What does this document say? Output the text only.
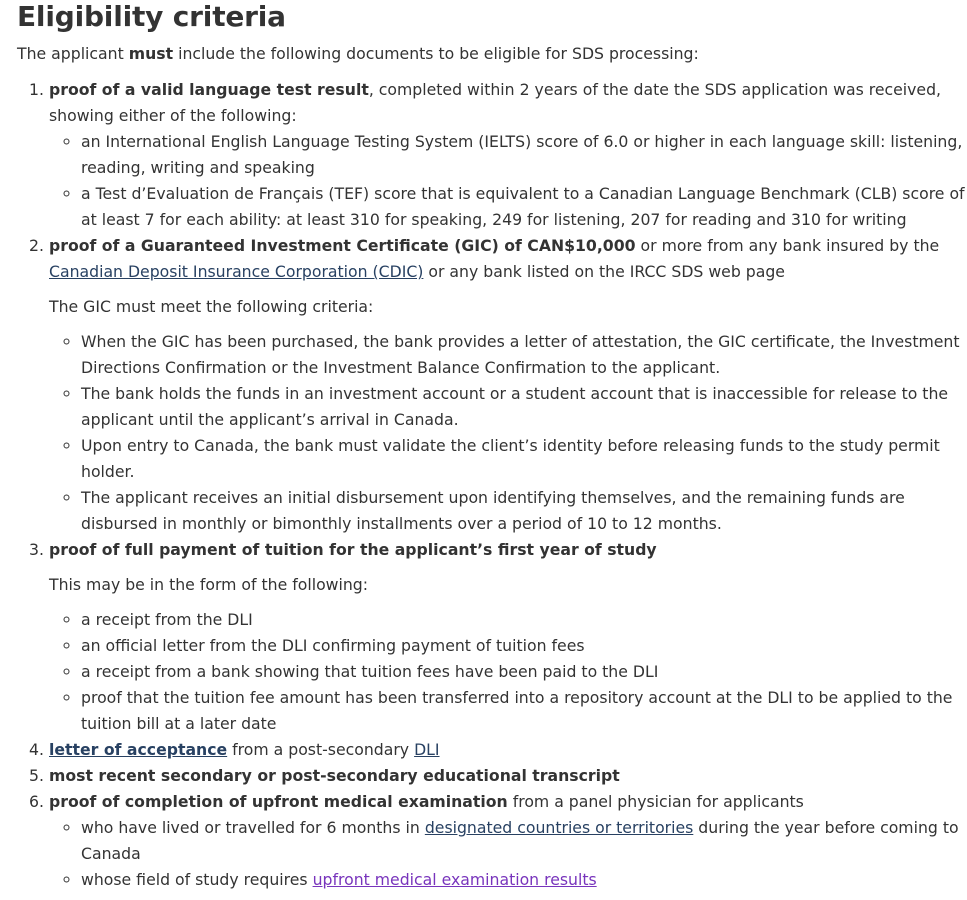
Eligibility criteria

The applicant must include the following documents to be eligible for SDS processing:

1. proof of a valid language test result, completed within 2 years of the date the SDS application was received, showing either of the following:
◦ an International English Language Testing System (IELTS) score of 6.0 or higher in each language skill: listening, reading, writing and speaking
◦ a Test d’Evaluation de Français (TEF) score that is equivalent to a Canadian Language Benchmark (CLB) score of at least 7 for each ability: at least 310 for speaking, 249 for listening, 207 for reading and 310 for writing
2. proof of a Guaranteed Investment Certificate (GIC) of CAN$10,000 or more from any bank insured by the Canadian Deposit Insurance Corporation (CDIC) or any bank listed on the IRCC SDS web page

The GIC must meet the following criteria:

◦ When the GIC has been purchased, the bank provides a letter of attestation, the GIC certificate, the Investment Directions Confirmation or the Investment Balance Confirmation to the applicant.
◦ The bank holds the funds in an investment account or a student account that is inaccessible for release to the applicant until the applicant’s arrival in Canada.
◦ Upon entry to Canada, the bank must validate the client’s identity before releasing funds to the study permit holder.
◦ The applicant receives an initial disbursement upon identifying themselves, and the remaining funds are disbursed in monthly or bimonthly installments over a period of 10 to 12 months.
3. proof of full payment of tuition for the applicant’s first year of study

This may be in the form of the following:

◦ a receipt from the DLI
◦ an official letter from the DLI confirming payment of tuition fees
◦ a receipt from a bank showing that tuition fees have been paid to the DLI
◦ proof that the tuition fee amount has been transferred into a repository account at the DLI to be applied to the tuition bill at a later date
4. letter of acceptance from a post-secondary DLI
5. most recent secondary or post-secondary educational transcript
6. proof of completion of upfront medical examination from a panel physician for applicants
◦ who have lived or travelled for 6 months in designated countries or territories during the year before coming to Canada
◦ whose field of study requires upfront medical examination results
